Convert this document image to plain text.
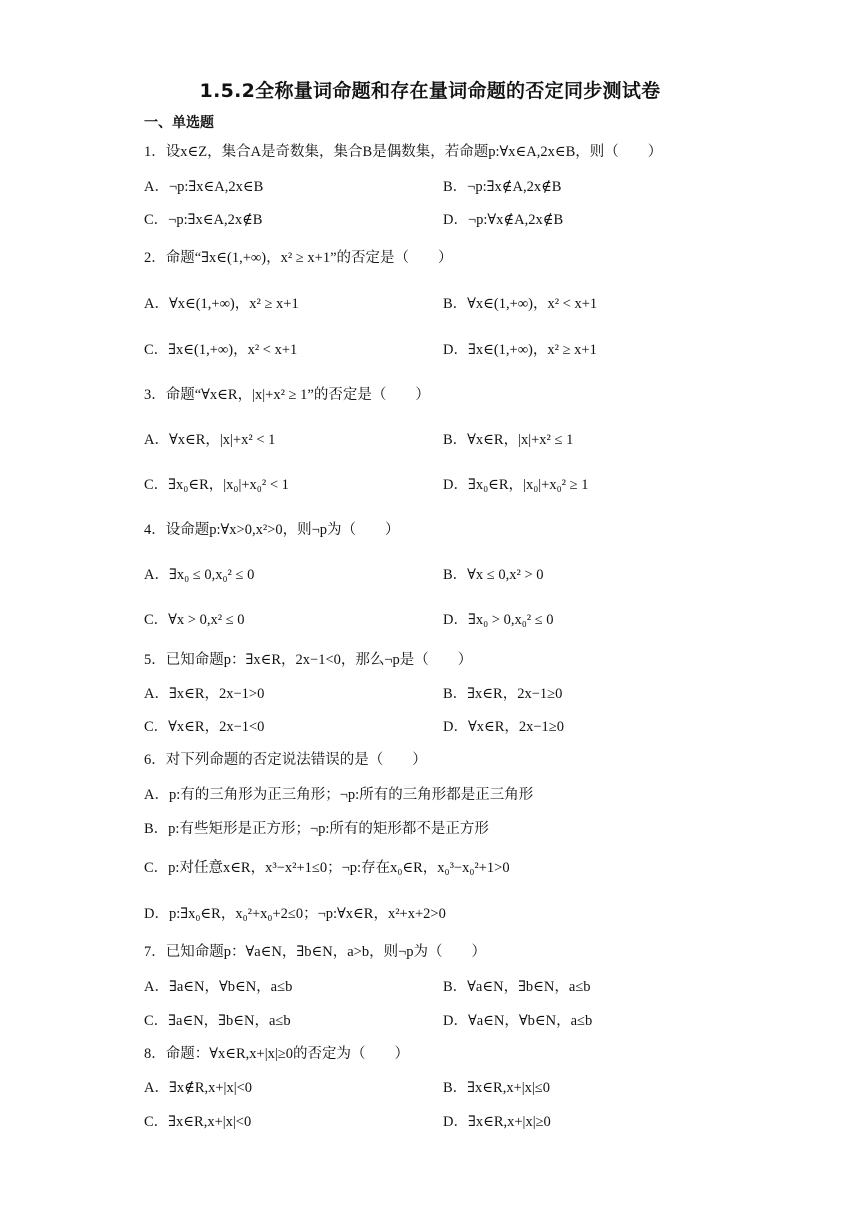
1.5.2全称量词命题和存在量词命题的否定同步测试卷
一、单选题
1．设x∈Z，集合A是奇数集，集合B是偶数集，若命题p:∀x∈A,2x∈B，则（　　）
A．¬p:∃x∈A,2x∈B	B．¬p:∃x∉A,2x∉B
C．¬p:∃x∈A,2x∉B	D．¬p:∀x∉A,2x∉B
2．命题“∃x∈(1,+∞)，x² ≥ x+1”的否定是（　　）
A．∀x∈(1,+∞)，x² ≥ x+1	B．∀x∈(1,+∞)，x² < x+1
C．∃x∈(1,+∞)，x² < x+1	D．∃x∈(1,+∞)，x² ≥ x+1
3．命题“∀x∈R，|x|+x² ≥ 1”的否定是（　　）
A．∀x∈R，|x|+x² < 1	B．∀x∈R，|x|+x² ≤ 1
C．∃x₀∈R，|x₀|+x₀² < 1	D．∃x₀∈R，|x₀|+x₀² ≥ 1
4．设命题p:∀x>0,x²>0，则¬p为（　　）
A．∃x₀ ≤ 0,x₀² ≤ 0	B．∀x ≤ 0,x² > 0
C．∀x > 0,x² ≤ 0	D．∃x₀ > 0,x₀² ≤ 0
5．已知命题p：∃x∈R，2x−1<0，那么¬p是（　　）
A．∃x∈R，2x−1>0	B．∃x∈R，2x−1≥0
C．∀x∈R，2x−1<0	D．∀x∈R，2x−1≥0
6．对下列命题的否定说法错误的是（　　）
A．p:有的三角形为正三角形；¬p:所有的三角形都是正三角形
B．p:有些矩形是正方形；¬p:所有的矩形都不是正方形
C．p:对任意x∈R，x³−x²+1≤0；¬p:存在x₀∈R，x₀³−x₀²+1>0
D．p:∃x₀∈R，x₀²+x₀+2≤0；¬p:∀x∈R，x²+x+2>0
7．已知命题p：∀a∈N，∃b∈N，a>b，则¬p为（　　）
A．∃a∈N，∀b∈N，a≤b	B．∀a∈N，∃b∈N，a≤b
C．∃a∈N，∃b∈N，a≤b	D．∀a∈N，∀b∈N，a≤b
8．命题：∀x∈R,x+|x|≥0的否定为（　　）
A．∃x∉R,x+|x|<0	B．∃x∈R,x+|x|≤0
C．∃x∈R,x+|x|<0	D．∃x∈R,x+|x|≥0
